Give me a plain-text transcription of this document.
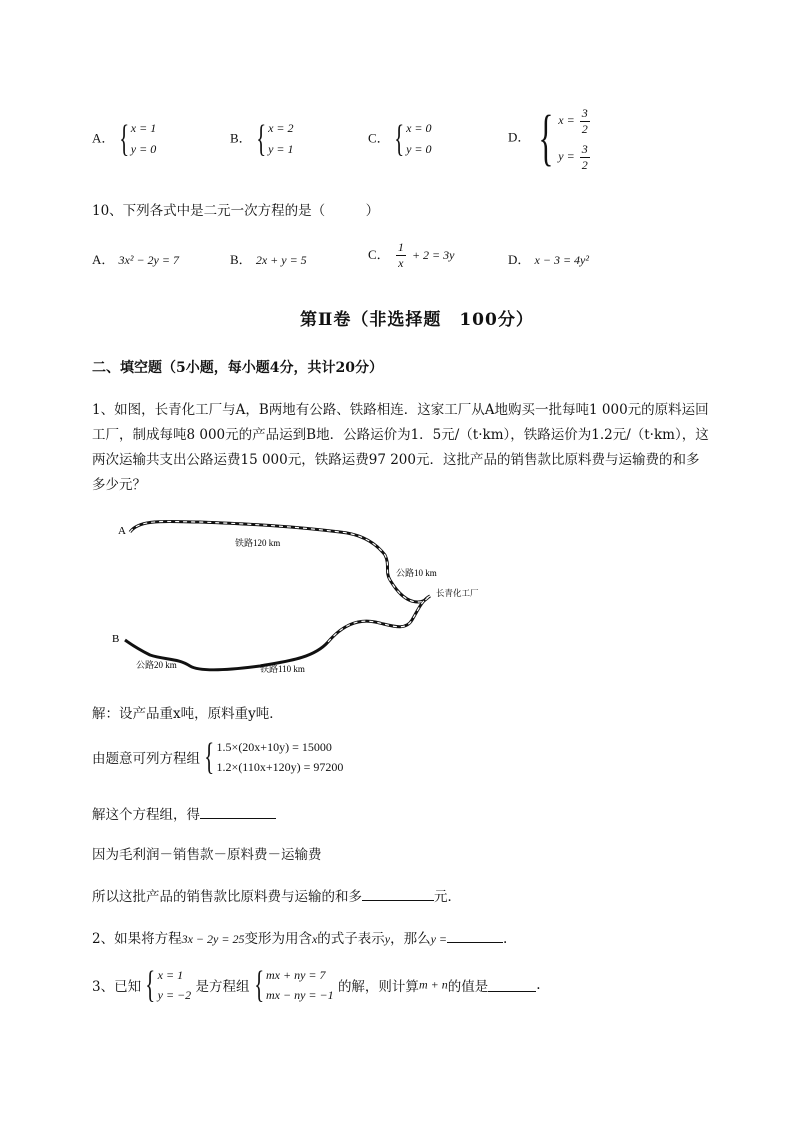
A． { x = 1
y = 0
B． { x = 2
y = 1
C． { x = 0
y = 0
D． { $x = \frac{3}{2}$
$y = \frac{3}{2}$
10、下列各式中是二元一次方程的是（　　　）
A． 3x² − 2y = 7	B． 2x + y = 5	C． $\frac{1}{x} + 2 = 3y$	D． x − 3 = 4y²
第Ⅱ卷（非选择题　100分）
二、填空题（5小题，每小题4分，共计20分）
1、如图，长青化工厂与A，B两地有公路、铁路相连．这家工厂从A地购买一批每吨1 000元的原料运回工厂，制成每吨8 000元的产品运到B地．公路运价为1．5元/（t·km），铁路运价为1.2元/（t·km），这两次运输共支出公路运费15 000元，铁路运费97 200元．这批产品的销售款比原料费与运输费的和多多少元？
A
B
铁路120 km
公路10 km
长青化工厂
公路20 km	铁路110 km
解：设产品重x吨，原料重y吨．
由题意可列方程组 { 1.5×(20x+10y) = 15000
1.2×(110x+120y) = 97200
解这个方程组，得
因为毛利润－销售款－原料费－运输费
所以这批产品的销售款比原料费与运输的和多	元．
2、如果将方程3x − 2y = 25变形为用含x的式子表示y，那么y =	.
3、已知 { x = 1
y = −2 是方程组 { mx + ny = 7
mx − ny = −1 的解，则计算m + n的值是	.
